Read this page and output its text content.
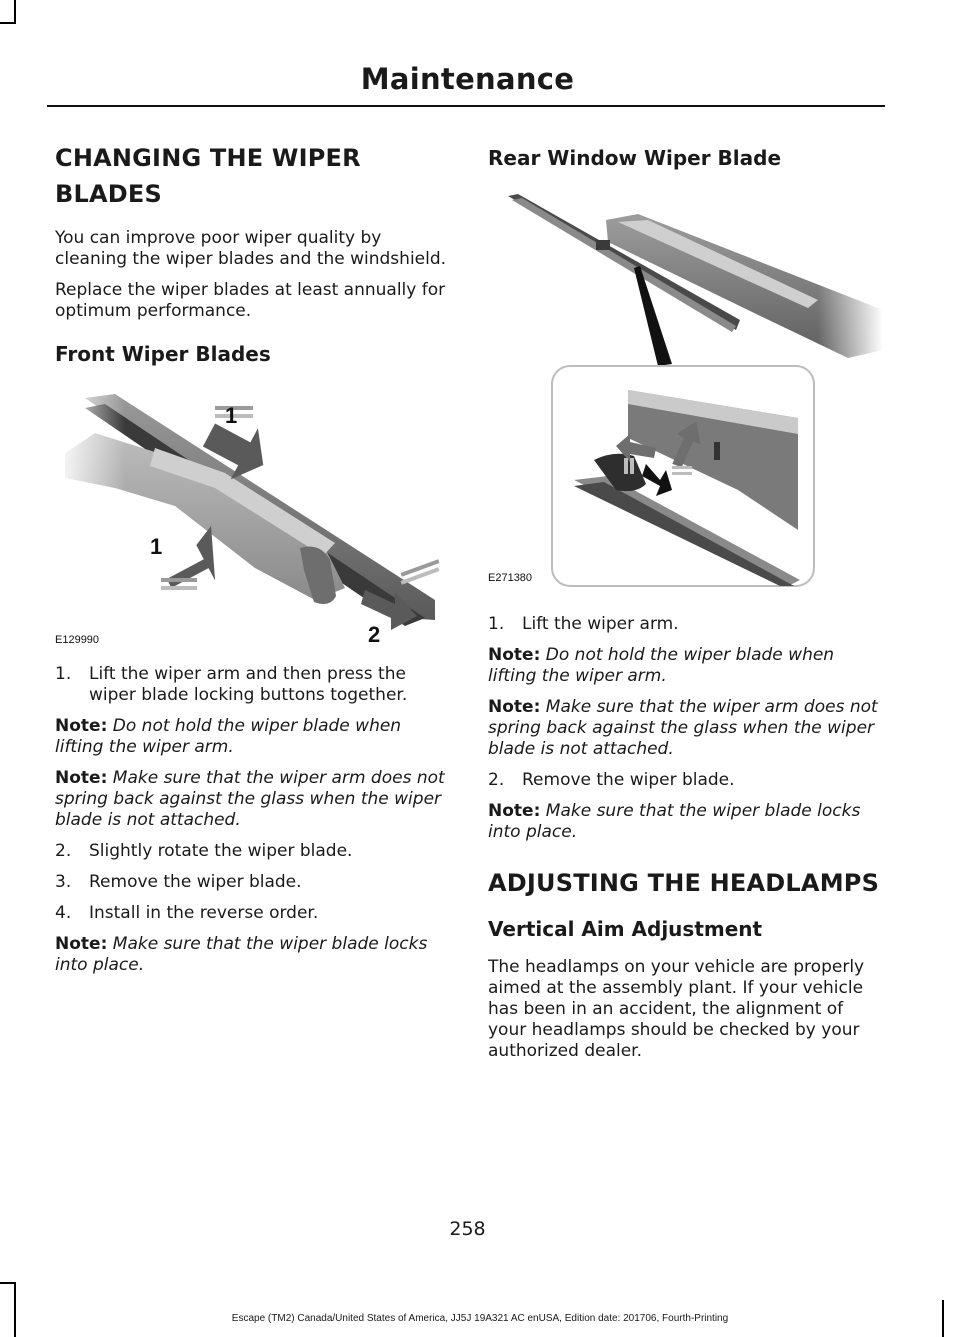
Maintenance
CHANGING THE WIPER
BLADES

You can improve poor wiper quality by cleaning the wiper blades and the windshield.

Replace the wiper blades at least annually for optimum performance.

Front Wiper Blades
1
1
2
E129990
1.	Lift the wiper arm and then press the wiper blade locking buttons together.

Note: Do not hold the wiper blade when lifting the wiper arm.

Note: Make sure that the wiper arm does not spring back against the glass when the wiper blade is not attached.

2.	Slightly rotate the wiper blade.
3.	Remove the wiper blade.
4.	Install in the reverse order.

Note: Make sure that the wiper blade locks into place.

Rear Window Wiper Blade
E271380
1.	Lift the wiper arm.

Note: Do not hold the wiper blade when lifting the wiper arm.

Note: Make sure that the wiper arm does not spring back against the glass when the wiper blade is not attached.

2.	Remove the wiper blade.

Note: Make sure that the wiper blade locks into place.

ADJUSTING THE HEADLAMPS
Vertical Aim Adjustment

The headlamps on your vehicle are properly aimed at the assembly plant. If your vehicle has been in an accident, the alignment of your headlamps should be checked by your authorized dealer.

258
Escape (TM2) Canada/United States of America, JJ5J 19A321 AC enUSA, Edition date: 201706, Fourth-Printing
